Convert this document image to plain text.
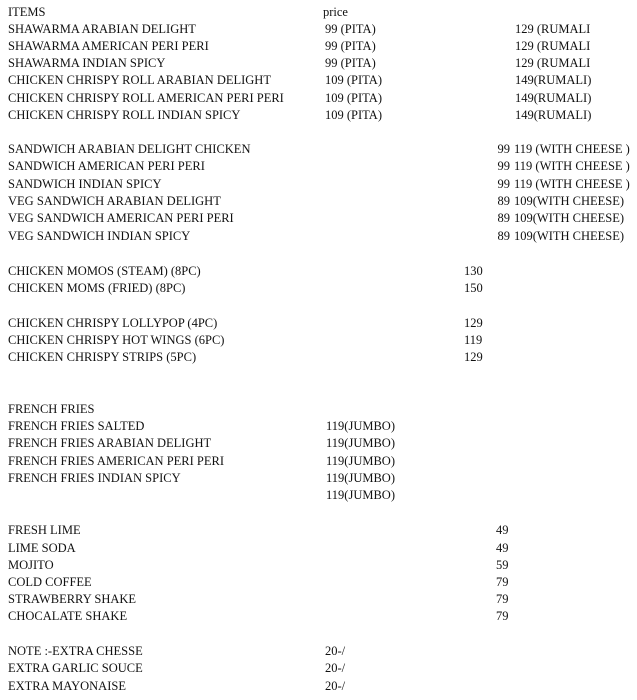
ITEMS	price
SHAWARMA ARABIAN DELIGHT	99 (PITA)	129 (RUMALI
SHAWARMA AMERICAN PERI PERI	99 (PITA)	129 (RUMALI
SHAWARMA INDIAN SPICY	99 (PITA)	129 (RUMALI
CHICKEN CHRISPY ROLL ARABIAN DELIGHT	109 (PITA)	149(RUMALI)
CHICKEN CHRISPY ROLL AMERICAN PERI PERI	109 (PITA)	149(RUMALI)
CHICKEN CHRISPY ROLL INDIAN SPICY	109 (PITA)	149(RUMALI)
SANDWICH ARABIAN DELIGHT CHICKEN	99 119 (WITH CHEESE )
SANDWICH AMERICAN PERI PERI	99 119 (WITH CHEESE )
SANDWICH INDIAN SPICY	99 119 (WITH CHEESE )
VEG SANDWICH ARABIAN DELIGHT	89 109(WITH CHEESE)
VEG SANDWICH AMERICAN PERI PERI	89 109(WITH CHEESE)
VEG SANDWICH INDIAN SPICY	89 109(WITH CHEESE)
CHICKEN MOMOS (STEAM) (8PC)	130
CHICKEN MOMS (FRIED) (8PC)	150
CHICKEN CHRISPY LOLLYPOP (4PC)	129
CHICKEN CHRISPY HOT WINGS (6PC)	119
CHICKEN CHRISPY STRIPS (5PC)	129
FRENCH FRIES
FRENCH FRIES SALTED	119(JUMBO)
FRENCH FRIES ARABIAN DELIGHT	119(JUMBO)
FRENCH FRIES AMERICAN PERI PERI	119(JUMBO)
FRENCH FRIES INDIAN SPICY	119(JUMBO)
119(JUMBO)
FRESH LIME	49
LIME SODA	49
MOJITO	59
COLD COFFEE	79
STRAWBERRY SHAKE	79
CHOCALATE SHAKE	79
NOTE :-EXTRA CHESSE	20-/
EXTRA GARLIC SOUCE	20-/
EXTRA MAYONAISE	20-/
